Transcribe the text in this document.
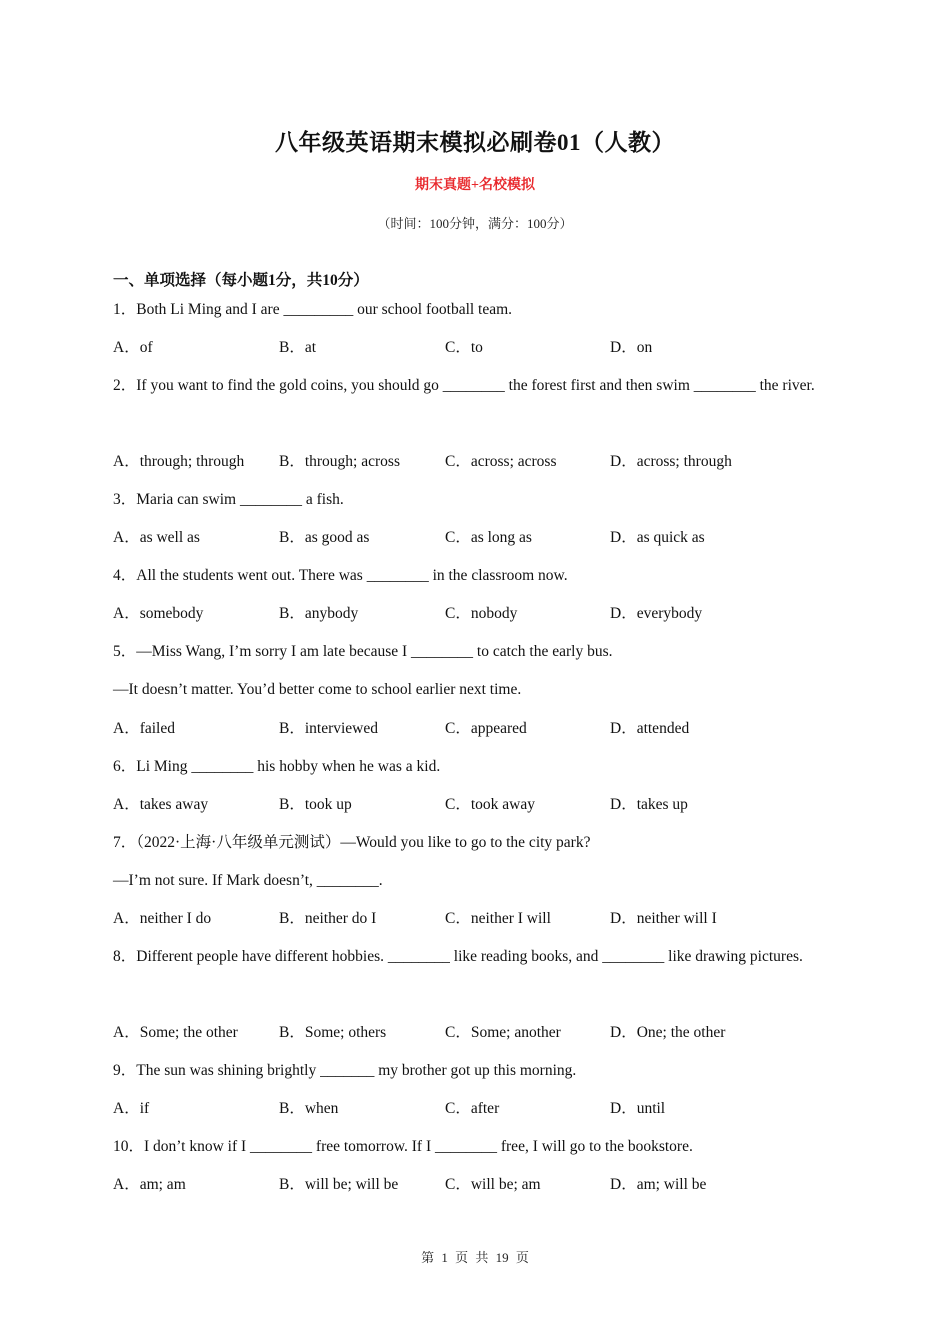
八年级英语期末模拟必刷卷01（人教）
期末真题+名校模拟
（时间：100分钟，满分：100分）
一、单项选择（每小题1分，共10分）
1．Both Li Ming and I are _________ our school football team.
A．of	B．at	C．to	D．on
2．If you want to find the gold coins, you should go ________ the forest first and then swim ________ the river.
A．through; through B．through; across	C．across; across	D．across; through
3．Maria can swim ________ a fish.
A．as well as	B．as good as	C．as long as	D．as quick as
4．All the students went out. There was ________ in the classroom now.
A．somebody	B．anybody	C．nobody	D．everybody
5．—Miss Wang, I’m sorry I am late because I ________ to catch the early bus.
—It doesn’t matter. You’d better come to school earlier next time.
A．failed	B．interviewed	C．appeared	D．attended
6．Li Ming ________ his hobby when he was a kid.
A．takes away	B．took up	C．took away	D．takes up
7．（2022·上海·八年级单元测试）—Would you like to go to the city park?
—I’m not sure. If Mark doesn’t, ________.
A．neither I do	B．neither do I	C．neither I will	D．neither will I
8．Different people have different hobbies. ________ like reading books, and ________ like drawing pictures.
A．Some; the other	B．Some; others	C．Some; another	D．One; the other
9．The sun was shining brightly _______ my brother got up this morning.
A．if	B．when	C．after	D．until
10．I don’t know if I ________ free tomorrow. If I ________ free, I will go to the bookstore.
A．am; am	B．will be; will be	C．will be; am	D．am; will be
第 1 页 共 19 页
